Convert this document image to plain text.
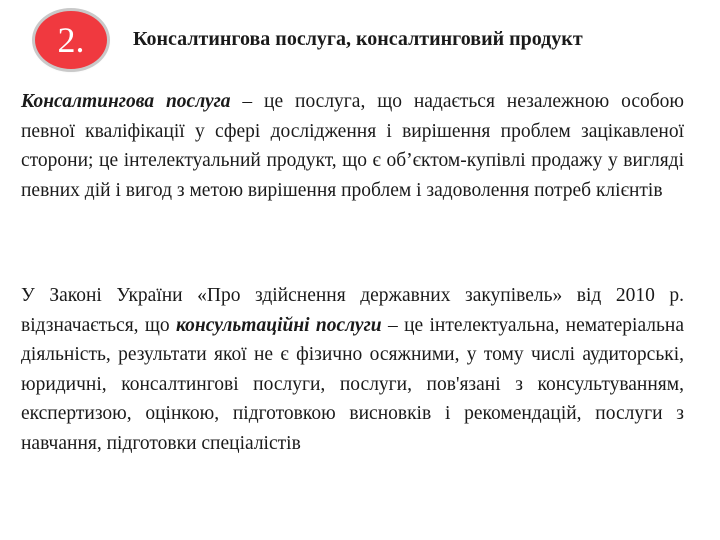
2. Консалтингова послуга, консалтинговий продукт

Консалтингова послуга – це послуга, що надається незалежною особою певної кваліфікації у сфері дослідження і вирішення проблем зацікавленої сторони; це інтелектуальний продукт, що є об’єктом-купівлі продажу у вигляді певних дій і вигод з метою вирішення проблем і задоволення потреб клієнтів

У Законі України «Про здійснення державних закупівель» від 2010 р. відзначається, що консультаційні послуги – це інтелектуальна, нематеріальна діяльність, результати якої не є фізично осяжними, у тому числі аудиторські, юридичні, консалтингові послуги, послуги, пов'язані з консультуванням, експертизою, оцінкою, підготовкою висновків і рекомендацій, послуги з навчання, підготовки спеціалістів
